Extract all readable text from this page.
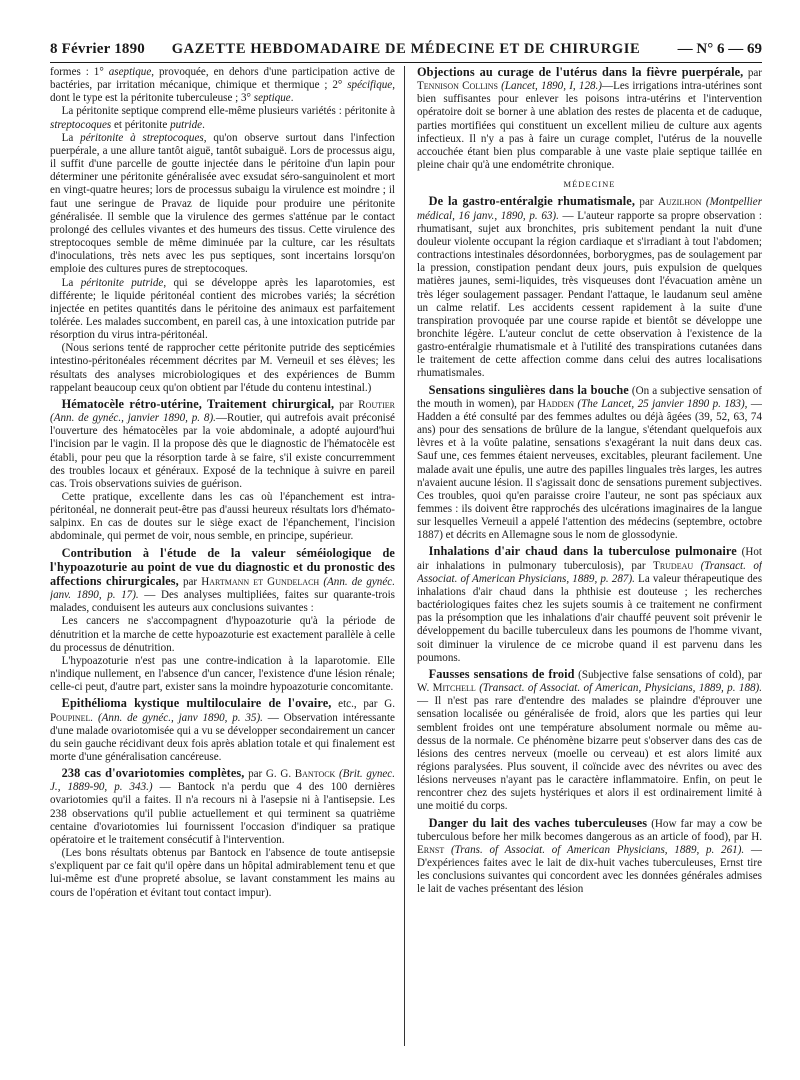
8 Février 1890	GAZETTE HEBDOMADAIRE DE MÉDECINE ET DE CHIRURGIE	— N° 6 — 69

formes : 1° aseptique, provoquée, en dehors d'une participation active de bactéries, par irritation mécanique, chimique et thermique ; 2° spécifique, dont le type est la péritonite tuberculeuse ; 3° septique.

La péritonite septique comprend elle-même plusieurs variétés : péritonite à streptocoques et péritonite putride.

La péritonite à streptocoques, qu'on observe surtout dans l'infection puerpérale, a une allure tantôt aiguë, tantôt subaiguë. Lors de processus aigu, il suffit d'une parcelle de goutte injectée dans le péritoine d'un lapin pour déterminer une péritonite généralisée avec exsudat séro-sanguinolent et mort en vingt-quatre heures; lors de processus subaigu la virulence est moindre ; il faut une seringue de Pravaz de liquide pour produire une péritonite généralisée. Il semble que la virulence des germes s'atténue par le contact prolongé des cellules vivantes et des humeurs des tissus. Cette virulence des streptocoques semble de même diminuée par la culture, car les résultats d'inoculations, très nets avec les pus septiques, sont incertains lorsqu'on emploie des cultures pures de streptocoques.

La péritonite putride, qui se développe après les laparotomies, est différente; le liquide péritonéal contient des microbes variés; la sécrétion injectée en petites quantités dans le péritoine des animaux est parfaitement tolérée. Les malades succombent, en pareil cas, à une intoxication putride par résorption du virus intra-péritonéal.

(Nous serions tenté de rapprocher cette péritonite putride des septicémies intestino-péritonéales récemment décrites par M. Verneuil et ses élèves; les résultats des analyses microbiologiques et des expériences de Bumm rappelant beaucoup ceux qu'on obtient par l'étude du contenu intestinal.)

Hématocèle rétro-utérine, Traitement chirurgical, par Routier (Ann. de gynéc., janvier 1890, p. 8).—Routier, qui autrefois avait préconisé l'ouverture des hématocèles par la voie abdominale, a adopté aujourd'hui l'incision par le vagin. Il la propose dès que le diagnostic de l'hématocèle est établi, pour peu que la résorption tarde à se faire, s'il existe concurremment des troubles locaux et généraux. Exposé de la technique à suivre en pareil cas. Trois observations suivies de guérison.

Cette pratique, excellente dans les cas où l'épanchement est intra-péritonéal, ne donnerait peut-être pas d'aussi heureux résultats lors d'hémato-salpinx. En cas de doutes sur le siège exact de l'épanchement, l'incision abdominale, qui permet de voir, nous semble, en principe, supérieur.

Contribution à l'étude de la valeur séméiologique de l'hypoazoturie au point de vue du diagnostic et du pronostic des affections chirurgicales, par Hartmann et Gundelach (Ann. de gynéc. janv. 1890, p. 17). — Des analyses multipliées, faites sur quarante-trois malades, conduisent les auteurs aux conclusions suivantes :

Les cancers ne s'accompagnent d'hypoazoturie qu'à la période de dénutrition et la marche de cette hypoazoturie est exactement parallèle à celle du processus de dénutrition.

L'hypoazoturie n'est pas une contre-indication à la laparotomie. Elle n'indique nullement, en l'absence d'un cancer, l'existence d'une lésion rénale; celle-ci peut, d'autre part, exister sans la moindre hypoazoturie concomitante.

Epithélioma kystique multiloculaire de l'ovaire, etc., par G. Poupinel. (Ann. de gynéc., janv 1890, p. 35). — Observation intéressante d'une malade ovariotomisée qui a vu se développer secondairement un cancer du sein gauche récidivant deux fois après ablation totale et qui finalement est morte d'une généralisation cancéreuse.

238 cas d'ovariotomies complètes, par G. G. Bantock (Brit. gynec. J., 1889-90, p. 343.) — Bantock n'a perdu que 4 des 100 dernières ovariotomies qu'il a faites. Il n'a recours ni à l'asepsie ni à l'antisepsie. Les 238 observations qu'il publie actuellement et qui terminent sa quatrième centaine d'ovariotomies lui fournissent l'occasion d'indiquer sa pratique opératoire et le traitement consécutif à l'intervention.

(Les bons résultats obtenus par Bantock en l'absence de toute antisepsie s'expliquent par ce fait qu'il opère dans un hôpital admirablement tenu et que lui-même est d'une propreté absolue, se lavant constamment les mains au cours de l'opération et évitant tout contact impur).

Objections au curage de l'utérus dans la fièvre puerpérale, par Tennison Collins (Lancet, 1890, I, 128.)—Les irrigations intra-utérines sont bien suffisantes pour enlever les poisons intra-utérins et l'intervention opératoire doit se borner à une ablation des restes de placenta et de caduque, parties mortifiées qui constituent un excellent milieu de culture aux agents infectieux. Il n'y a pas à faire un curage complet, l'utérus de la nouvelle accouchée étant bien plus comparable à une vaste plaie septique taillée en pleine chair qu'à une endométrite chronique.

MÉDECINE

De la gastro-entéralgie rhumatismale, par Auzilhon (Montpellier médical, 16 janv., 1890, p. 63). — L'auteur rapporte sa propre observation : rhumatisant, sujet aux bronchites, pris subitement pendant la nuit d'une douleur violente occupant la région cardiaque et s'irradiant à tout l'abdomen; contractions intestinales désordonnées, borborygmes, pas de soulagement par la pression, constipation pendant deux jours, puis expulsion de quelques matières jaunes, semi-liquides, très visqueuses dont l'évacuation amène un très léger soulagement passager. Pendant l'attaque, le laudanum seul amène un calme relatif. Les accidents cessent rapidement à la suite d'une transpiration provoquée par une course rapide et bientôt se développe une bronchite légère. L'auteur conclut de cette observation à l'existence de la gastro-entéralgie rhumatismale et à l'utilité des transpirations cutanées dans le traitement de cette affection comme dans celui des autres localisations rhumatismales.

Sensations singulières dans la bouche (On a subjective sensation of the mouth in women), par Hadden (The Lancet, 25 janvier 1890 p. 183), — Hadden a été consulté par des femmes adultes ou déjà âgées (39, 52, 63, 74 ans) pour des sensations de brûlure de la langue, s'étendant quelquefois aux lèvres et à la voûte palatine, sensations s'exagérant la nuit dans deux cas. Sauf une, ces femmes étaient nerveuses, excitables, pleurant facilement. Une malade avait une épulis, une autre des papilles linguales très larges, les autres n'avaient aucune lésion. Il s'agissait donc de sensations purement subjectives. Ces troubles, quoi qu'en paraisse croire l'auteur, ne sont pas spéciaux aux femmes : ils doivent être rapprochés des ulcérations imaginaires de la langue sur lesquelles Verneuil a appelé l'attention des médecins (septembre, octobre 1887) et décrits en Allemagne sous le nom de glossodynie.

Inhalations d'air chaud dans la tuberculose pulmonaire (Hot air inhalations in pulmonary tuberculosis), par Trudeau (Transact. of Associat. of American Physicians, 1889, p. 287). La valeur thérapeutique des inhalations d'air chaud dans la phthisie est douteuse ; les recherches bactériologiques faites chez les sujets soumis à ce traitement ne confirment pas la présomption que les inhalations d'air chauffé peuvent soit prévenir le développement du bacille tuberculeux dans les poumons de l'homme vivant, soit diminuer la virulence de ce microbe quand il est parvenu dans les poumons.

Fausses sensations de froid (Subjective false sensations of cold), par W. Mitchell (Transact. of Associat. of American, Physicians, 1889, p. 188). — Il n'est pas rare d'entendre des malades se plaindre d'éprouver une sensation localisée ou généralisée de froid, alors que les parties qui leur semblent froides ont une température absolument normale ou même au-dessus de la normale. Ce phénomène bizarre peut s'observer dans des cas de lésions des centres nerveux (moelle ou cerveau) et est alors limité aux régions paralysées. Plus souvent, il coïncide avec des névrites ou avec des lésions nerveuses n'ayant pas le caractère inflammatoire. Enfin, on peut le rencontrer chez des sujets hystériques et alors il est ordinairement limité à une moitié du corps.

Danger du lait des vaches tuberculeuses (How far may a cow be tuberculous before her milk becomes dangerous as an article of food), par H. Ernst (Trans. of Associat. of American Physicians, 1889, p. 261). — D'expériences faites avec le lait de dix-huit vaches tuberculeuses, Ernst tire les conclusions suivantes qui concordent avec les données générales admises le lait de vaches présentant des lésion
